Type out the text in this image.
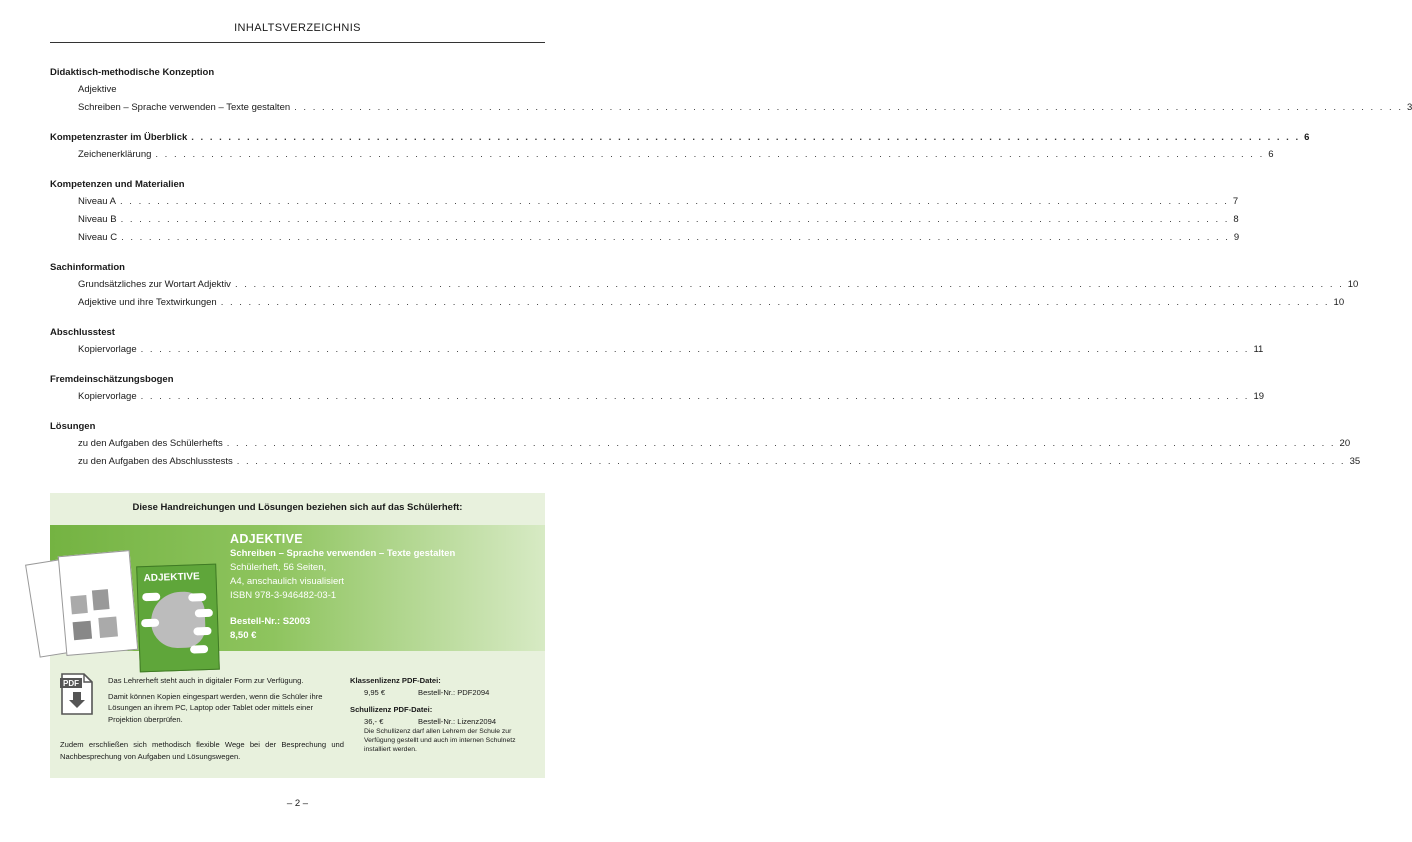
INHALTSVERZEICHNIS
Didaktisch-methodische Konzeption
Adjektive
Schreiben – Sprache verwenden – Texte gestalten . . . . . . . . . . . . . . . . . . . . . . . . . . . . . . . . . . . . . . . . . . . . . . . . . . . . . . . . . . . . . . . . . . . . . . . . . . . . . . . . . . . . . . . . . . . . . . . . . . . . . . . . . . . . . . . . . . . . . . . . 3
Kompetenzraster im Überblick . . . . . . . . . . . . . . . . . . . . . . . . . . . . . . . . . . . . . . . . . . . . . . . . . . . . . . . . . . . . . . . . . . . . . . . . . . . . . . . . . . . . . . . . . . . . . . . . . . . . . . . . . . . . . . . . . . . . . . . . 6
Zeichenerklärung . . . . . . . . . . . . . . . . . . . . . . . . . . . . . . . . . . . . . . . . . . . . . . . . . . . . . . . . . . . . . . . . . . . . . . . . . . . . . . . . . . . . . . . . . . . . . . . . . . . . . . . . . . . . . . . . . . . . . . . . 6
Kompetenzen und Materialien
Niveau A . . . . . . . . . . . . . . . . . . . . . . . . . . . . . . . . . . . . . . . . . . . . . . . . . . . . . . . . . . . . . . . . . . . . . . . . . . . . . . . . . . . . . . . . . . . . . . . . . . . . . . . . . . . . . . . . . . . . . . . . 7
Niveau B . . . . . . . . . . . . . . . . . . . . . . . . . . . . . . . . . . . . . . . . . . . . . . . . . . . . . . . . . . . . . . . . . . . . . . . . . . . . . . . . . . . . . . . . . . . . . . . . . . . . . . . . . . . . . . . . . . . . . . . . 8
Niveau C . . . . . . . . . . . . . . . . . . . . . . . . . . . . . . . . . . . . . . . . . . . . . . . . . . . . . . . . . . . . . . . . . . . . . . . . . . . . . . . . . . . . . . . . . . . . . . . . . . . . . . . . . . . . . . . . . . . . . . . . 9
Sachinformation
Grundsätzliches zur Wortart Adjektiv . . . . . . . . . . . . . . . . . . . . . . . . . . . . . . . . . . . . . . . . . . . . . . . . . . . . . . . . . . . . . . . . . . . . . . . . . . . . . . . . . . . . . . . . . . . . . . . . . . . . . . . . . . . . . . . . . . . . . . . . 10
Adjektive und ihre Textwirkungen . . . . . . . . . . . . . . . . . . . . . . . . . . . . . . . . . . . . . . . . . . . . . . . . . . . . . . . . . . . . . . . . . . . . . . . . . . . . . . . . . . . . . . . . . . . . . . . . . . . . . . . . . . . . . . . . . . . . . . . . 10
Abschlusstest
Kopiervorlage . . . . . . . . . . . . . . . . . . . . . . . . . . . . . . . . . . . . . . . . . . . . . . . . . . . . . . . . . . . . . . . . . . . . . . . . . . . . . . . . . . . . . . . . . . . . . . . . . . . . . . . . . . . . . . . . . . . . . . . . 11
Fremdeinschätzungsbogen
Kopiervorlage . . . . . . . . . . . . . . . . . . . . . . . . . . . . . . . . . . . . . . . . . . . . . . . . . . . . . . . . . . . . . . . . . . . . . . . . . . . . . . . . . . . . . . . . . . . . . . . . . . . . . . . . . . . . . . . . . . . . . . . . 19
Lösungen
zu den Aufgaben des Schülerhefts . . . . . . . . . . . . . . . . . . . . . . . . . . . . . . . . . . . . . . . . . . . . . . . . . . . . . . . . . . . . . . . . . . . . . . . . . . . . . . . . . . . . . . . . . . . . . . . . . . . . . . . . . . . . . . . . . . . . . . . . 20
zu den Aufgaben des Abschlusstests . . . . . . . . . . . . . . . . . . . . . . . . . . . . . . . . . . . . . . . . . . . . . . . . . . . . . . . . . . . . . . . . . . . . . . . . . . . . . . . . . . . . . . . . . . . . . . . . . . . . . . . . . . . . . . . . . . . . . . . . 35
Diese Handreichungen und Lösungen beziehen sich auf das Schülerheft:
ADJEKTIVE
ADJEKTIVE
Schreiben – Sprache verwenden – Texte gestalten
Schülerheft, 56 Seiten,
A4, anschaulich visualisiert
ISBN 978-3-946482-03-1
Bestell-Nr.: S2003
8,50 €
PDF	Das Lehrerheft steht auch in digitaler Form zur Verfügung.

Damit können Kopien eingespart werden, wenn die Schüler ihre Lösungen an ihrem PC, Laptop oder Tablet oder mittels einer Projektion überprüfen.

Zudem erschließen sich methodisch flexible Wege bei der Besprechung und Nachbesprechung von Aufgaben und Lösungswegen.
Klassenlizenz PDF-Datei:
9,95 €	Bestell-Nr.: PDF2094
Schullizenz PDF-Datei:
36,- €	Bestell-Nr.: Lizenz2094
Die Schullizenz darf allen Lehrern der Schule zur Verfügung gestellt und auch im internen Schulnetz installiert werden.
– 2 –
